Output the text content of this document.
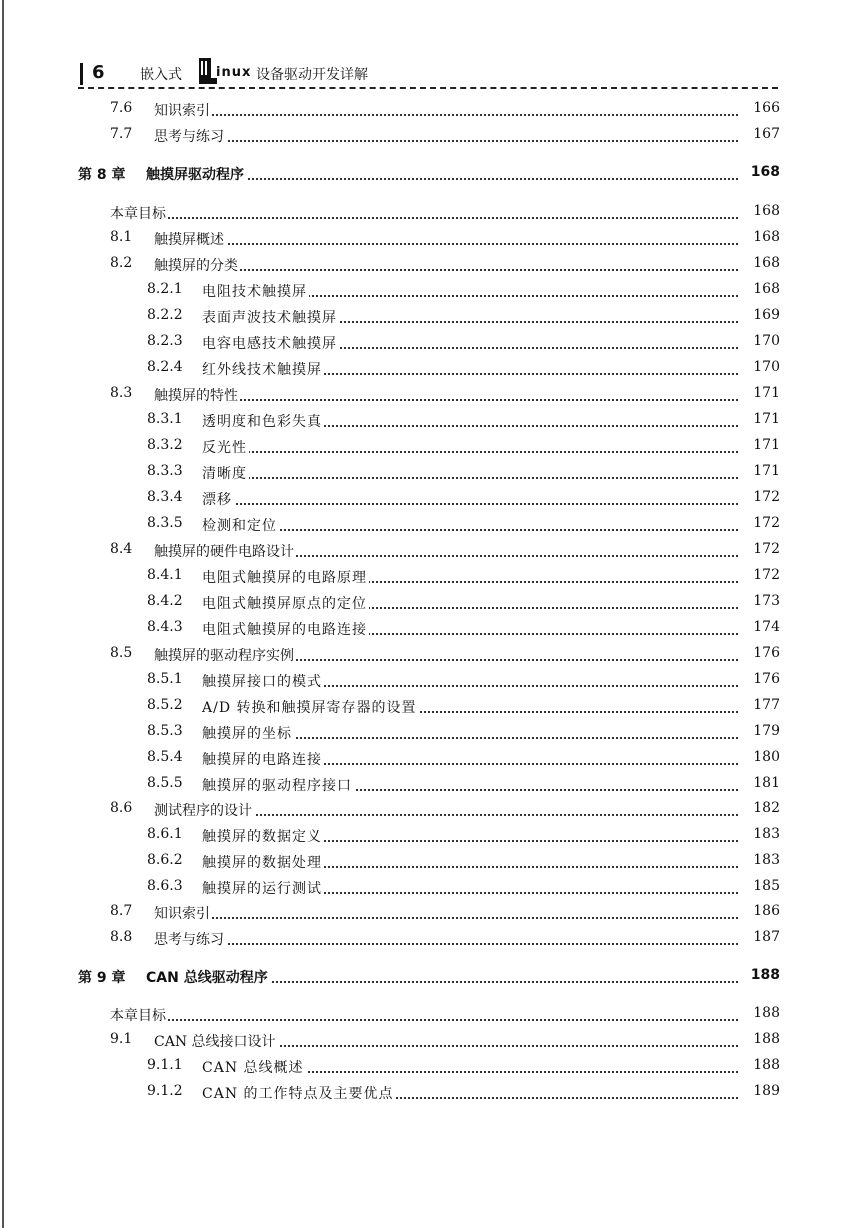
6	嵌入式	inux 设备驱动开发详解
7.6 知识索引	166
7.7 思考与练习	167
第 8 章 触摸屏驱动程序	168
本章目标	168
8.1 触摸屏概述	168
8.2 触摸屏的分类	168
8.2.1 电阻技术触摸屏	168
8.2.2 表面声波技术触摸屏	169
8.2.3 电容电感技术触摸屏	170
8.2.4 红外线技术触摸屏	170
8.3 触摸屏的特性	171
8.3.1 透明度和色彩失真	171
8.3.2 反光性	171
8.3.3 清晰度	171
8.3.4 漂移	172
8.3.5 检测和定位	172
8.4 触摸屏的硬件电路设计	172
8.4.1 电阻式触摸屏的电路原理	172
8.4.2 电阻式触摸屏原点的定位	173
8.4.3 电阻式触摸屏的电路连接	174
8.5 触摸屏的驱动程序实例	176
8.5.1 触摸屏接口的模式	176
8.5.2 A/D 转换和触摸屏寄存器的设置	177
8.5.3 触摸屏的坐标	179
8.5.4 触摸屏的电路连接	180
8.5.5 触摸屏的驱动程序接口	181
8.6 测试程序的设计	182
8.6.1 触摸屏的数据定义	183
8.6.2 触摸屏的数据处理	183
8.6.3 触摸屏的运行测试	185
8.7 知识索引	186
8.8 思考与练习	187
第 9 章 CAN 总线驱动程序	188
本章目标	188
9.1 CAN 总线接口设计	188
9.1.1 CAN 总线概述	188
9.1.2 CAN 的工作特点及主要优点	189
